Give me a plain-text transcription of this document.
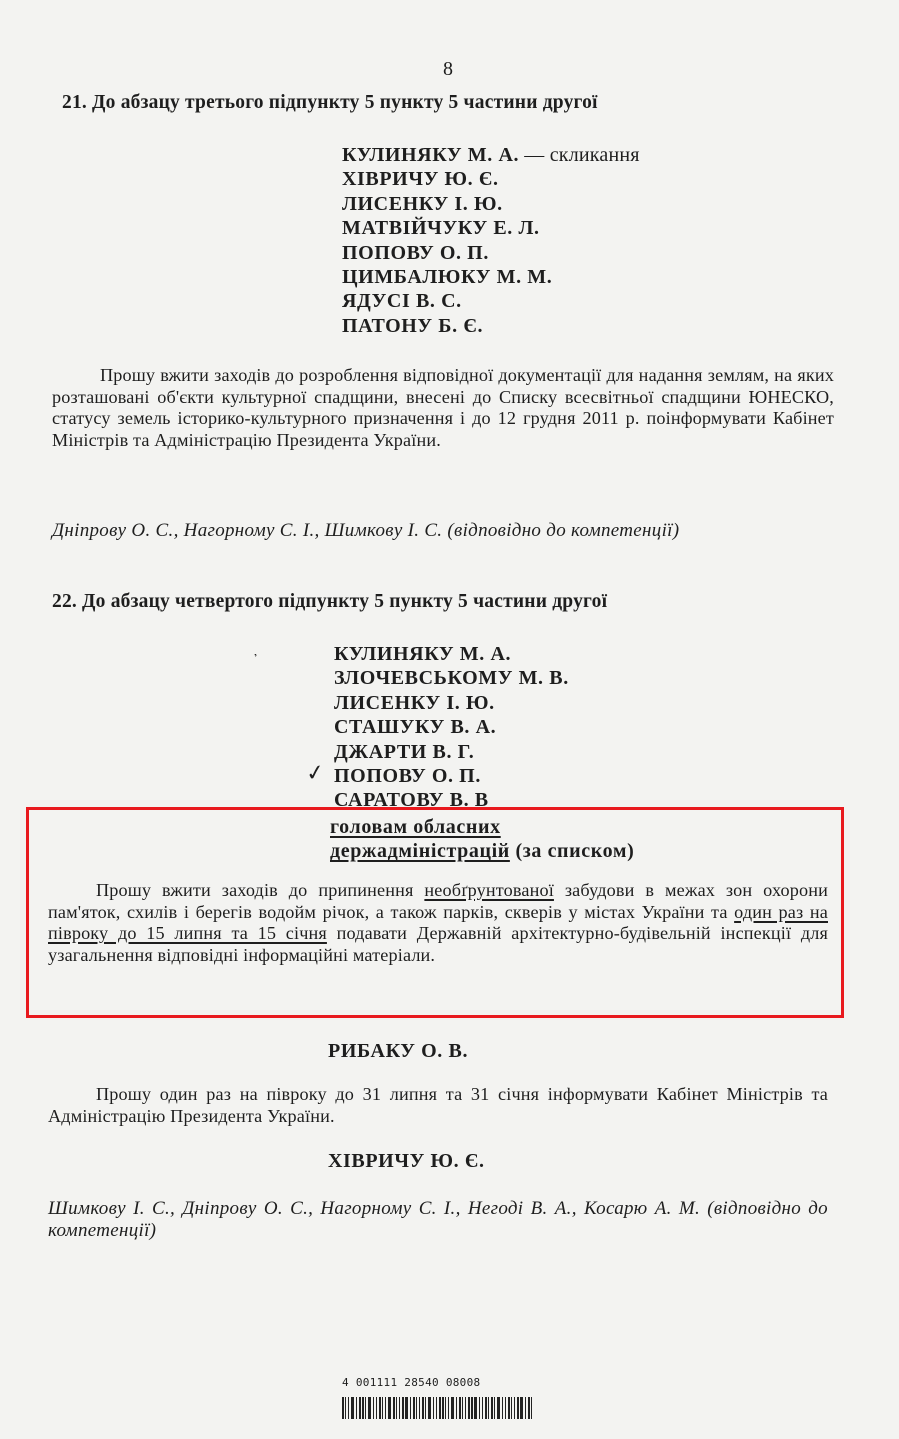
8
21. До абзацу третього підпункту 5 пункту 5 частини другої
КУЛИНЯКУ М. А. — скликання
ХІВРИЧУ Ю. Є.
ЛИСЕНКУ І. Ю.
МАТВІЙЧУКУ Е. Л.
ПОПОВУ О. П.
ЦИМБАЛЮКУ М. М.
ЯДУСІ В. С.
ПАТОНУ Б. Є.

Прошу вжити заходів до розроблення відповідної документації для надання землям, на яких розташовані об'єкти культурної спадщини, внесені до Списку всесвітньої спадщини ЮНЕСКО, статусу земель історико-культурного призначення і до 12 грудня 2011 р. поінформувати Кабінет Міністрів та Адміністрацію Президента України.

Дніпрову О. С., Нагорному С. І., Шимкову І. С. (відповідно до компетенції)
22. До абзацу четвертого підпункту 5 пункту 5 частини другої
᾿	КУЛИНЯКУ М. А.
ЗЛОЧЕВСЬКОМУ М. В.
ЛИСЕНКУ І. Ю.
СТАШУКУ В. А.
ДЖАРТИ В. Г.
ПОПОВУ О. П.
САРАТОВУ В. В
✓
головам обласних
держадміністрацій (за списком)

Прошу вжити заходів до припинення необґрунтованої забудови в межах зон охорони пам'яток, схилів і берегів водойм річок, а також парків, скверів у містах України та один раз на півроку до 15 липня та 15 січня подавати Державній архітектурно-будівельній інспекції для узагальнення відповідні інформаційні матеріали.

РИБАКУ О. В.

Прошу один раз на півроку до 31 липня та 31 січня інформувати Кабінет Міністрів та Адміністрацію Президента України.

ХІВРИЧУ Ю. Є.
Шимкову І. С., Дніпрову О. С., Нагорному С. І., Негоді В. А., Косарю А. М. (відповідно до компетенції)
4 001111 28540 08008
